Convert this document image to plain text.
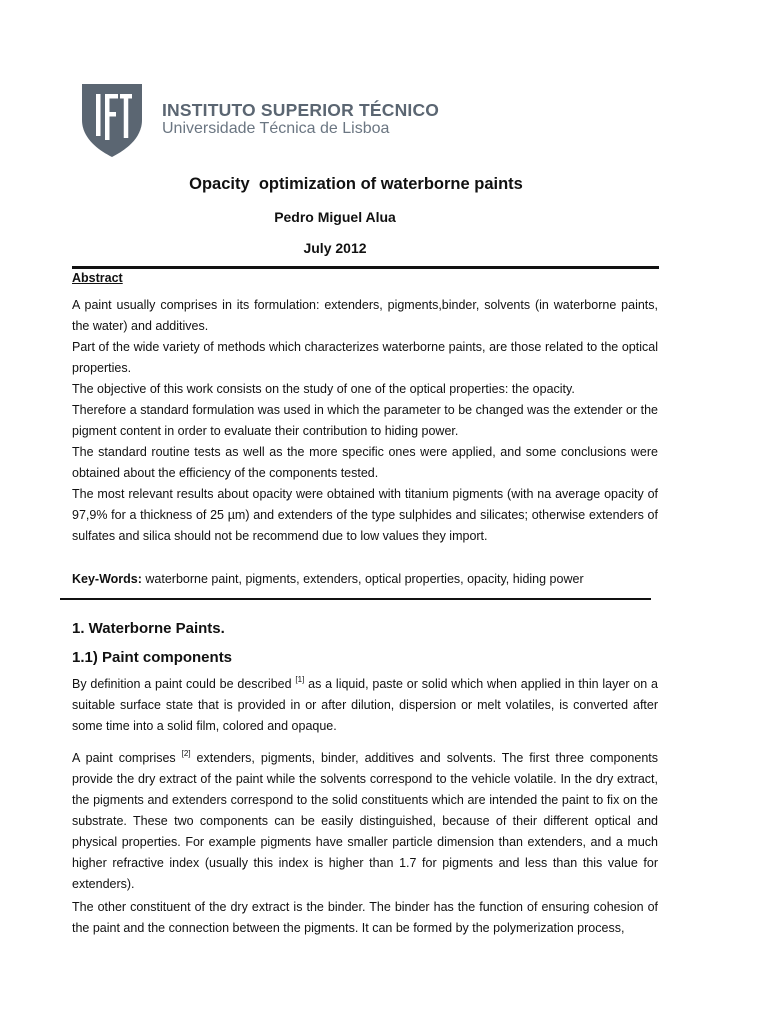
INSTITUTO SUPERIOR TÉCNICO
Universidade Técnica de Lisboa
Opacity  optimization of waterborne paints
Pedro Miguel Alua
July 2012
Abstract

A paint usually comprises in its formulation: extenders, pigments,binder, solvents (in waterborne paints, the water) and additives.

Part of the wide variety of methods which characterizes waterborne paints, are those related to the optical properties.

The objective of this work consists on the study of one of the optical properties: the opacity.

Therefore a standard formulation was used in which the parameter to be changed was the extender or the pigment content in order to evaluate their contribution to hiding power.

The standard routine tests as well as the more specific ones were applied, and some conclusions were obtained about the efficiency of the components tested.

The most relevant results about opacity were obtained with titanium pigments (with na average opacity of 97,9% for a thickness of 25 µm) and extenders of the type sulphides and silicates; otherwise extenders of sulfates and silica should not be recommend due to low values they import.

Key-Words: waterborne paint, pigments, extenders, optical properties, opacity, hiding power
1. Waterborne Paints.
1.1) Paint components

By definition a paint could be described [1] as a liquid, paste or solid which when applied in thin layer on a suitable surface state that is provided in or after dilution, dispersion or melt volatiles, is converted after some time into a solid film, colored and opaque.

A paint comprises [2] extenders, pigments, binder, additives and solvents. The first three components provide the dry extract of the paint while the solvents correspond to the vehicle volatile. In the dry extract, the pigments and extenders correspond to the solid constituents which are intended the paint to fix on the substrate. These two components can be easily distinguished, because of their different optical and physical properties. For example pigments have smaller particle dimension than extenders, and a much higher refractive index (usually this index is higher than 1.7 for pigments and less than this value for extenders).

The other constituent of the dry extract is the binder. The binder has the function of ensuring cohesion of the paint and the connection between the pigments. It can be formed by the polymerization process,
